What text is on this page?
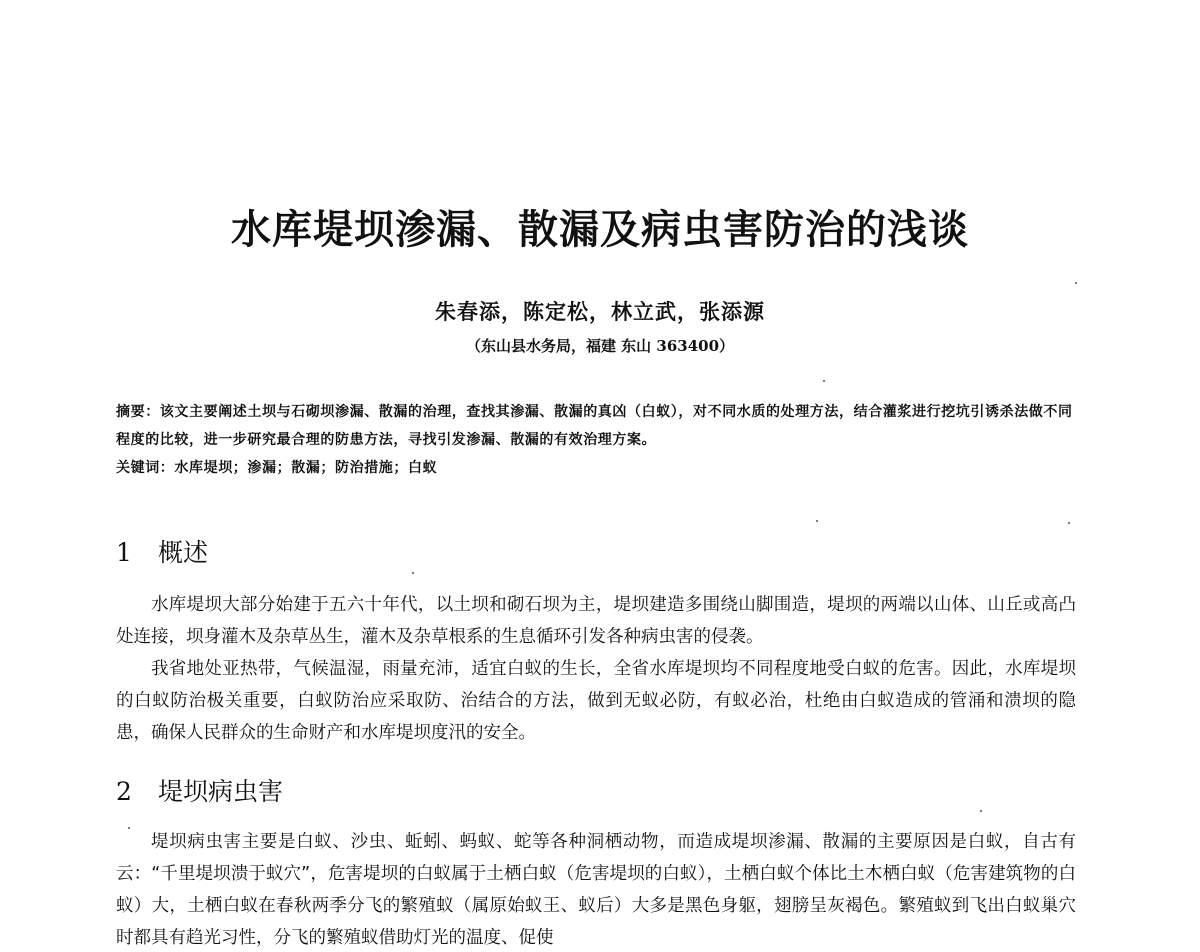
水库堤坝渗漏、散漏及病虫害防治的浅谈
朱春添，陈定松，林立武，张添源
（东山县水务局，福建 东山 363400）

摘要：该文主要阐述土坝与石砌坝渗漏、散漏的治理，查找其渗漏、散漏的真凶（白蚁），对不同水质的处理方法，结合灌浆进行挖坑引诱杀法做不同程度的比较，进一步研究最合理的防患方法，寻找引发渗漏、散漏的有效治理方案。

关键词：水库堤坝；渗漏；散漏；防治措施；白蚁

1 概述

水库堤坝大部分始建于五六十年代，以土坝和砌石坝为主，堤坝建造多围绕山脚围造，堤坝的两端以山体、山丘或高凸处连接，坝身灌木及杂草丛生，灌木及杂草根系的生息循环引发各种病虫害的侵袭。

我省地处亚热带，气候温湿，雨量充沛，适宜白蚁的生长，全省水库堤坝均不同程度地受白蚁的危害。因此，水库堤坝的白蚁防治极关重要，白蚁防治应采取防、治结合的方法，做到无蚁必防，有蚁必治，杜绝由白蚁造成的管涌和溃坝的隐患，确保人民群众的生命财产和水库堤坝度汛的安全。

2 堤坝病虫害

堤坝病虫害主要是白蚁、沙虫、蚯蚓、蚂蚁、蛇等各种洞栖动物，而造成堤坝渗漏、散漏的主要原因是白蚁，自古有云：“千里堤坝溃于蚁穴”，危害堤坝的白蚁属于土栖白蚁（危害堤坝的白蚁），土栖白蚁个体比土木栖白蚁（危害建筑物的白蚁）大，土栖白蚁在春秋两季分飞的繁殖蚁（属原始蚁王、蚁后）大多是黑色身躯，翅膀呈灰褐色。繁殖蚁到飞出白蚁巢穴时都具有趋光习性，分飞的繁殖蚁借助灯光的温度、促使
